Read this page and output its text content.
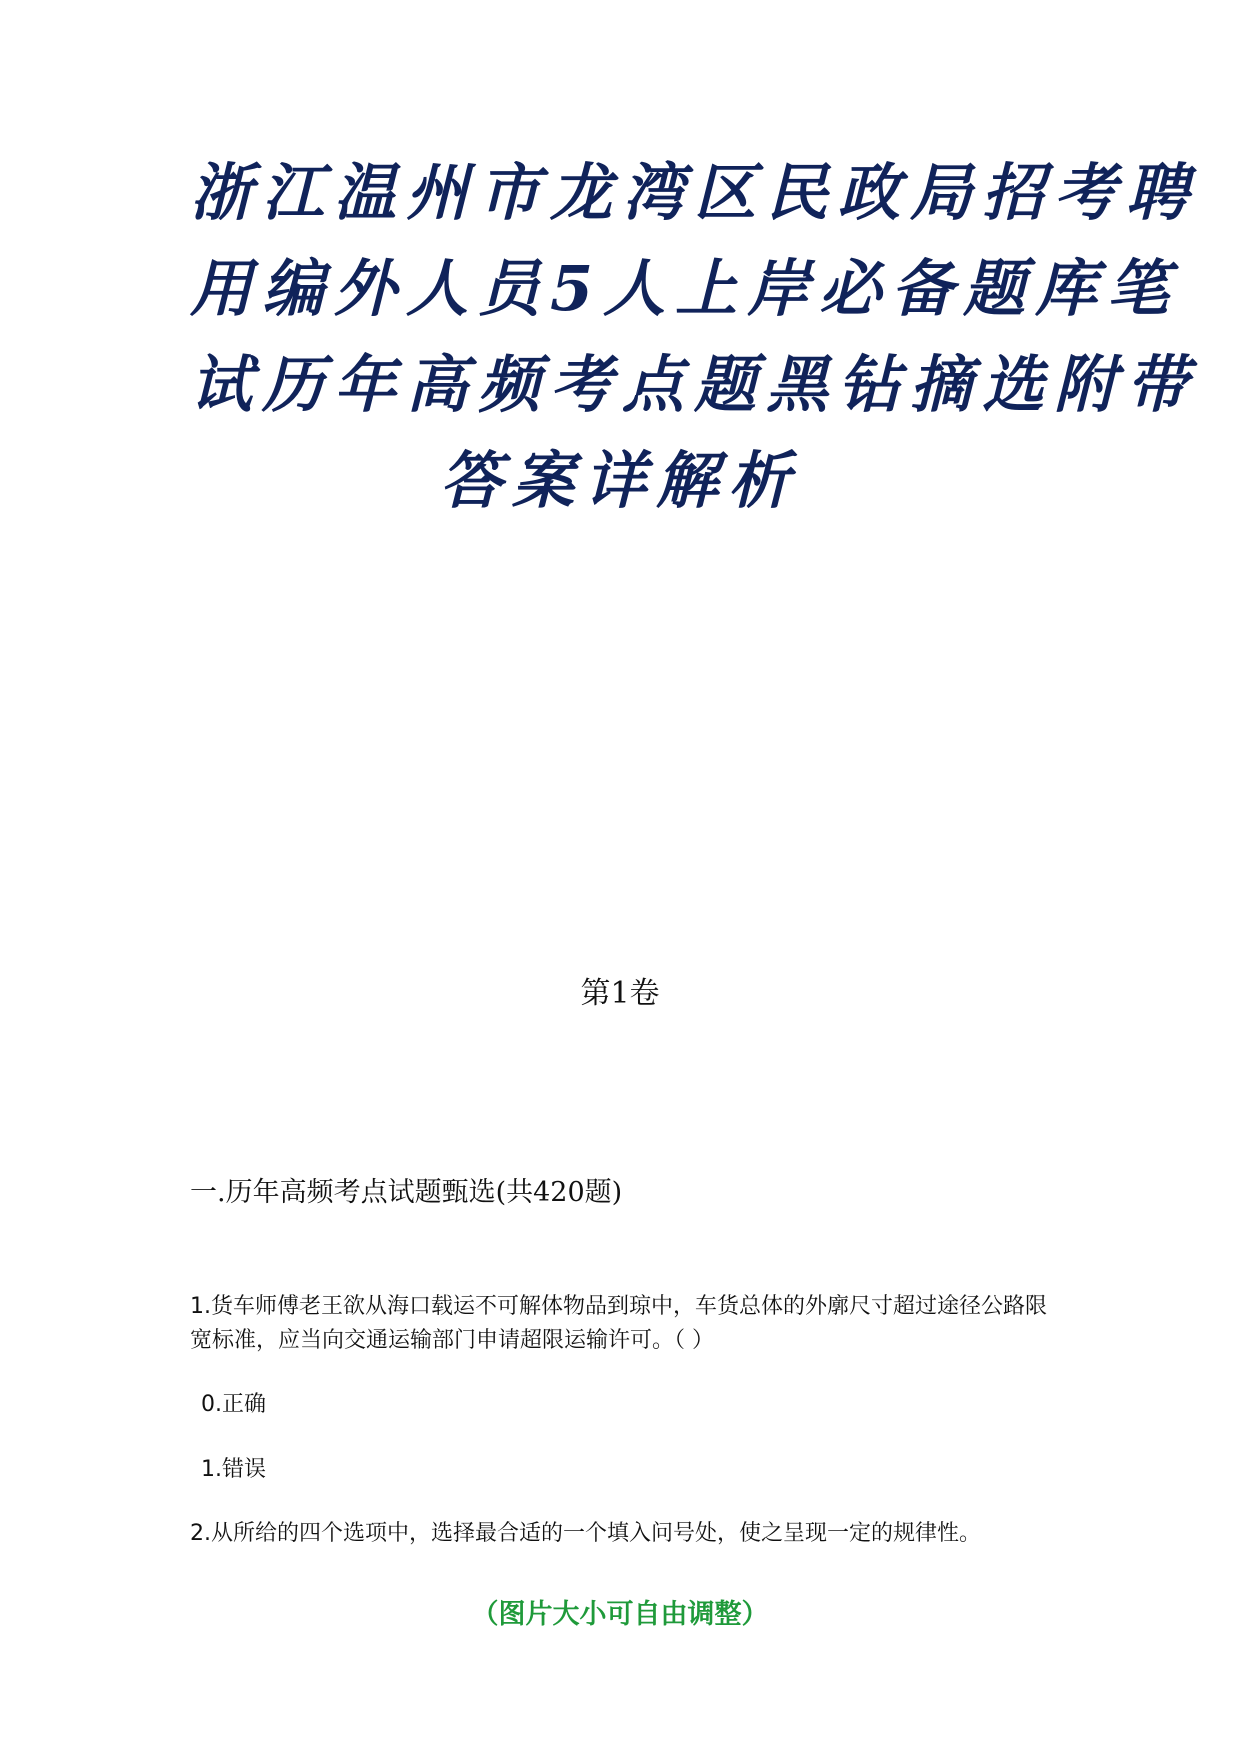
浙江温州市龙湾区民政局招考聘
用编外人员5人上岸必备题库笔
试历年高频考点题黑钻摘选附带
答案详解析
第1卷
一.历年高频考点试题甄选(共420题)
1.货车师傅老王欲从海口载运不可解体物品到琼中，车货总体的外廓尺寸超过途径公路限宽标准，应当向交通运输部门申请超限运输许可。（ ）
0.正确
1.错误
2.从所给的四个选项中，选择最合适的一个填入问号处，使之呈现一定的规律性。
（图片大小可自由调整）
